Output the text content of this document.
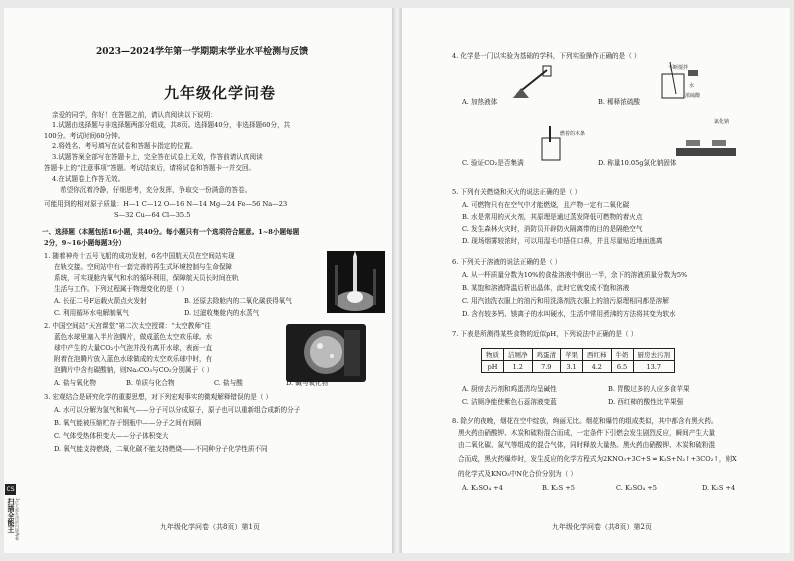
2023—2024学年第一学期期末学业水平检测与反馈
九年级化学问卷
亲爱的同学，你好！在答题之前，请认真阅读以下说明：
1.试题由选择题与非选择题两部分组成，共8页。选择题40分，非选择题60分，共
100分。考试时间60分钟。
2.将姓名、考号填写在试卷和答题卡指定的位置。
3.试题答案全部写在答题卡上，完全答在试卷上无效，作答前请认真阅读
答题卡上的“注意事项”答题。考试结束后，请将试卷和答题卡一并交回。
4.在试题卷上作答无效。
希望你沉着冷静，仔细思考，充分发挥，争取交一份满意的答卷。
可能用到的相对原子质量：H—1 C—12 O—16 N—14 Mg—24 Fe—56 Na—23
S—32 Cu—64 Cl—35.5
一、选择题（本题包括16小题，共40分。每小题只有一个选项符合题意。1~8小题每题
2分，9~16小题每题3分）
1. 随着神舟十五号飞船的成功发射，6名中国航天员在空间站实现
在轨交接。空间站中有一套完善的再生式环境控制与生命保障
系统，可实现舱内氧气和水的循环利用，保障航天员长时间在轨
生活与工作。下列过程属于物理变化的是（ ）
A. 长征二号F运载火箭点火发射	B. 还原去除舱内的二氧化碳获得氧气
C. 利用循环水电解制氧气	D. 过滤收集舱内的水蒸气
2. 中国空间站“天宫课堂”第二次太空授课：“太空教师”往
蓝色水球里塞入半片泡腾片，做成蓝色太空欢乐球。水
球中产生的大量CO₂小气泡并没有离开水球，表面一直
附着在泡腾片放入蓝色水球做成的太空欢乐球中时，有
泡腾片中含有碳酸钠，则Na₂CO₃与CO₂分别属于（ ）
A. 盐与氧化物	B. 单质与化合物	C. 盐与酸	D. 碱与氧化物
3. 宏观结合是研究化学的重要思想，对下列宏观事实的微观解释错误的是（ ）
A. 水可以分解为氢气和氧气——分子可以分成原子，原子也可以重新组合成新的分子
B. 氧气能被压缩贮存于钢瓶中——分子之间有间隔
C. 气体受热体积变大——分子体积变大
D. 氧气能支持燃烧，二氧化碳不能支持燃烧——不同种分子化学性质不同
九年级化学问卷（共8页）第1页
CS
扫描全能王 3亿人都在用的扫描App
4. 化学是一门以实验为基础的学科，下列实验操作正确的是（ ）
不断搅拌
水
浓硫酸
A. 加热液体	B. 稀释浓硫酸
燃着的木条
氯化钠
C. 验证CO₂是否集满	D. 称量10.05g氯化钠固体
5. 下列有关燃烧和灭火的说法正确的是（ ）
A. 可燃物只有在空气中才能燃烧，且产物一定有二氧化碳
B. 水是常用的灭火剂，其原理是通过蒸发降低可燃物的着火点
C. 发生森林火灾时，消防员开辟防火隔离带的目的是隔绝空气
D. 现场烟雾较浓时，可以用湿毛巾捂住口鼻，并且尽量贴近地面逃离
6. 下列关于溶液的说法正确的是（ ）
A. 从一杯质量分数为10%的食盐溶液中倒出一半，余下的溶液质量分数为5%
B. 某饱和溶液降温后析出晶体，此时它就变成不饱和溶液
C. 用汽油洗衣服上的油污和用洗涤剂洗衣服上的油污原理相同都是溶解
D. 含有较多钙、镁离子的水叫硬水，生活中常用煮沸的方法将其变为软水
7. 下表是所测得某些食物的近似pH，下列说法中正确的是（ ）
物质	洁厕净	鸡蛋清	苹果	西红柿	牛奶	厨房去污剂
pH	1.2	7.9	3.1	4.2	6.5	13.7
A. 厨房去污剂和鸡蛋清均呈碱性	B. 胃酸过多的人应多食苹果
C. 洁厕净能使紫色石蕊溶液变蓝	D. 西红柿的酸性比苹果强
8. 除夕的夜晚，烟花在空中绽放，绚丽无比。烟花和爆竹的组成类似，其中都含有黑火药。
黑火药由硝酸钾、木炭和硫粉混合而成，一定条件下引燃会发生剧烈反应，瞬间产生大量
由二氧化碳、氮气等组成的混合气体，同时释放大量热。黑火药由硝酸钾、木炭和硫粉混
合而成，黑火药爆炸时，发生反应的化学方程式为2KNO₃+3C+S ═ K₂S+N₂↑+3CO₂↑，则X
的化学式及KNO₃中N化合价分别为（ ）
A. K₂SO₄ +4	B. K₂S +5	C. K₂SO₄ +5	D. K₂S +4
九年级化学问卷（共8页）第2页
